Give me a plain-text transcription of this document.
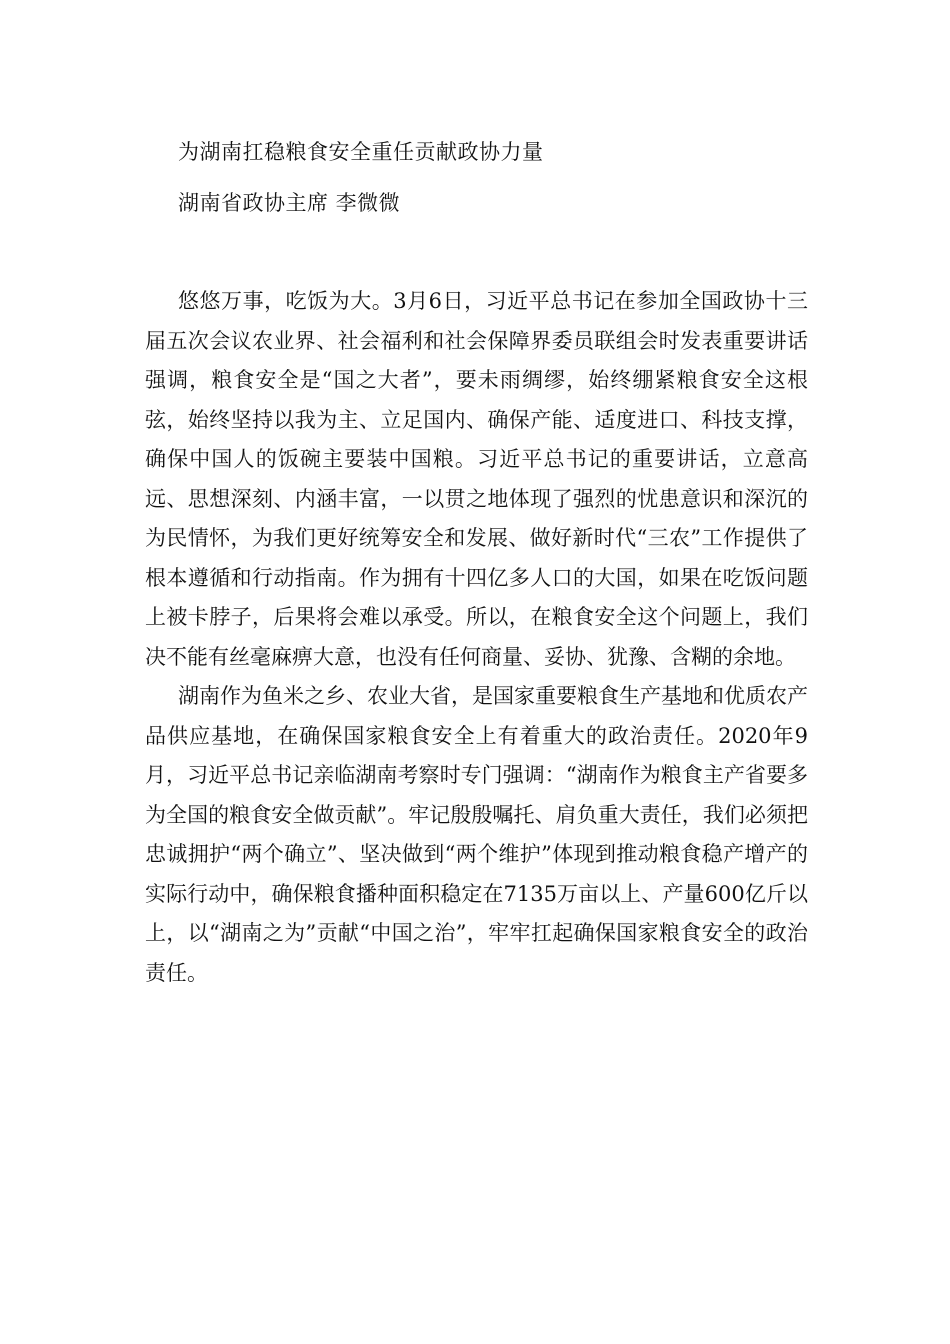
为湖南扛稳粮食安全重任贡献政协力量
湖南省政协主席 李微微

悠悠万事，吃饭为大。3月6日，习近平总书记在参加全国政协十三届五次会议农业界、社会福利和社会保障界委员联组会时发表重要讲话强调，粮食安全是“国之大者”，要未雨绸缪，始终绷紧粮食安全这根弦，始终坚持以我为主、立足国内、确保产能、适度进口、科技支撑，确保中国人的饭碗主要装中国粮。习近平总书记的重要讲话，立意高远、思想深刻、内涵丰富，一以贯之地体现了强烈的忧患意识和深沉的为民情怀，为我们更好统筹安全和发展、做好新时代“三农”工作提供了根本遵循和行动指南。作为拥有十四亿多人口的大国，如果在吃饭问题上被卡脖子，后果将会难以承受。所以，在粮食安全这个问题上，我们决不能有丝毫麻痹大意，也没有任何商量、妥协、犹豫、含糊的余地。

湖南作为鱼米之乡、农业大省，是国家重要粮食生产基地和优质农产品供应基地，在确保国家粮食安全上有着重大的政治责任。2020年9月，习近平总书记亲临湖南考察时专门强调：“湖南作为粮食主产省要多为全国的粮食安全做贡献”。牢记殷殷嘱托、肩负重大责任，我们必须把忠诚拥护“两个确立”、坚决做到“两个维护”体现到推动粮食稳产增产的实际行动中，确保粮食播种面积稳定在7135万亩以上、产量600亿斤以上，以“湖南之为”贡献“中国之治”，牢牢扛起确保国家粮食安全的政治责任。
